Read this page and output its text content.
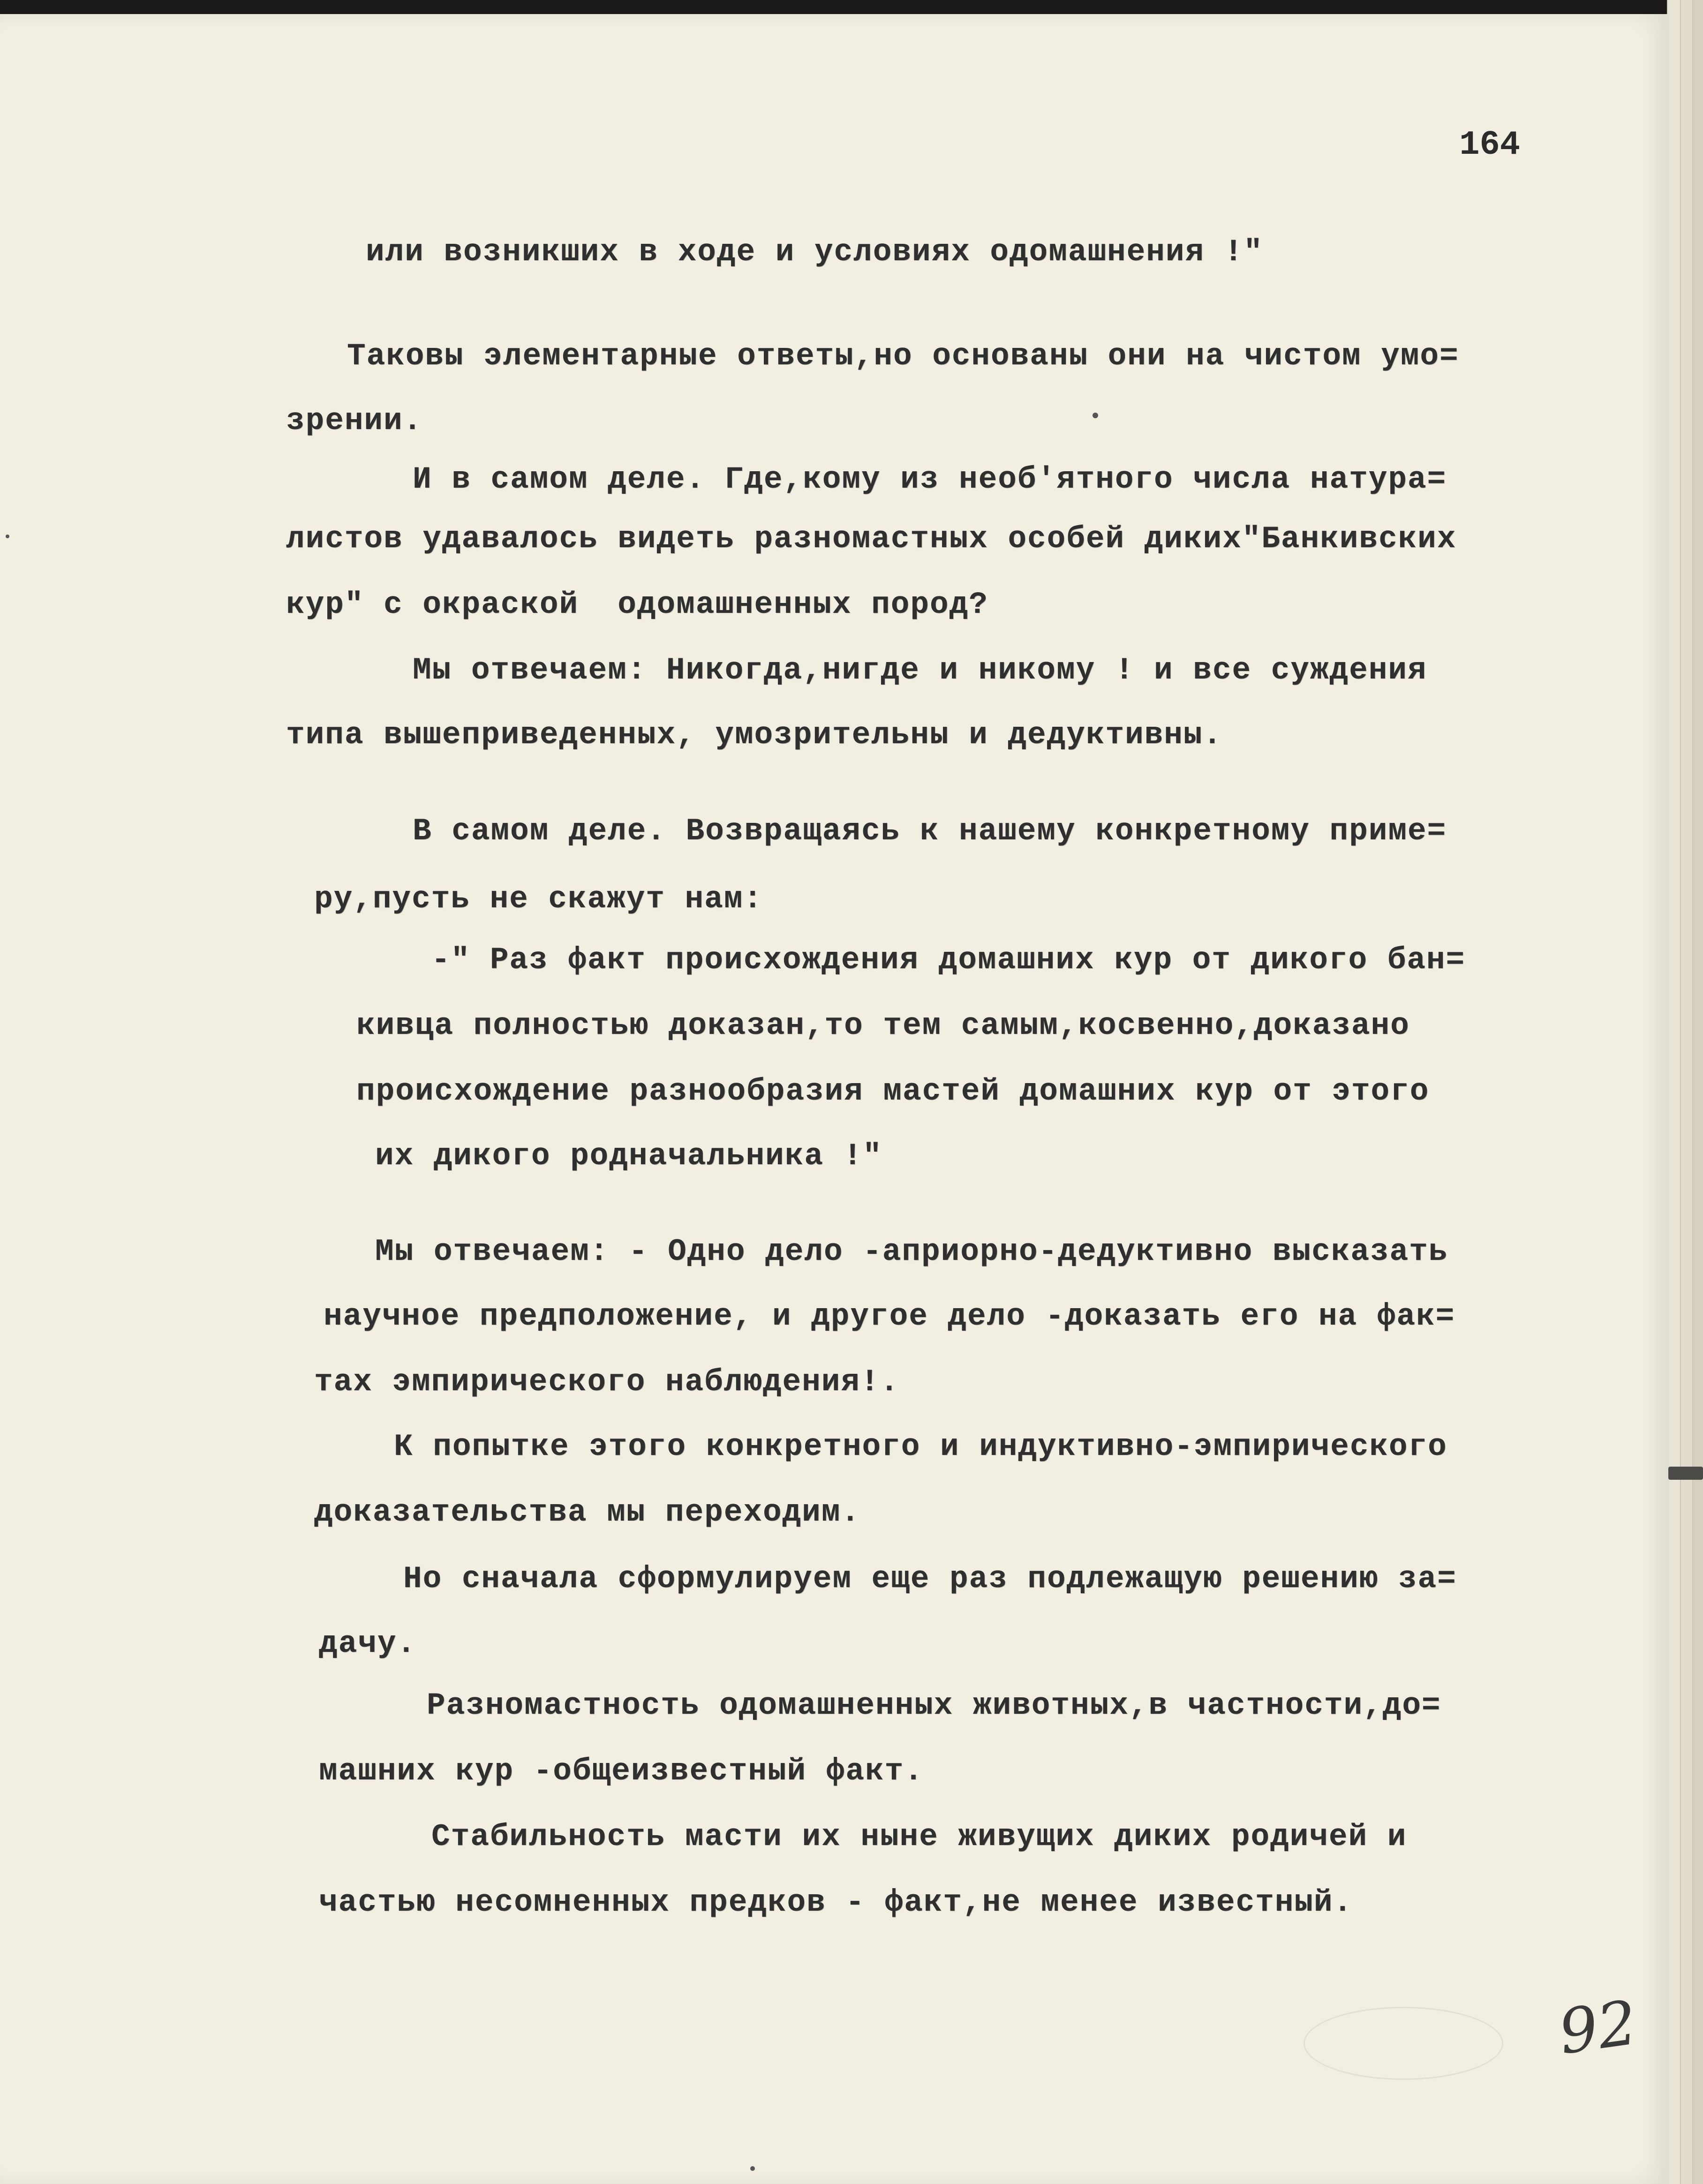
164
или возникших в ходе и условиях одомашнения !"
Таковы элементарные ответы,но основаны они на чистом умо=
зрении.
И в самом деле. Где,кому из необ'ятного числа натура=
листов удавалось видеть разномастных особей диких"Банкивских
кур" с окраской  одомашненных пород?
Мы отвечаем: Никогда,нигде и никому ! и все суждения
типа вышеприведенных, умозрительны и дедуктивны.
В самом деле. Возвращаясь к нашему конкретному приме=
ру,пусть не скажут нам:
-" Раз факт происхождения домашних кур от дикого бан=
кивца полностью доказан,то тем самым,косвенно,доказано
происхождение разнообразия мастей домашних кур от этого
их дикого родначальника !"
Мы отвечаем: - Одно дело -априорно-дедуктивно высказать
научное предположение, и другое дело -доказать его на фак=
тах эмпирического наблюдения!.
К попытке этого конкретного и индуктивно-эмпирического
доказательства мы переходим.
Но сначала сформулируем еще раз подлежащую решению за=
дачу.
Разномастность одомашненных животных,в частности,до=
машних кур -общеизвестный факт.
Стабильность масти их ныне живущих диких родичей и
частью несомненных предков - факт,не менее известный.
92
